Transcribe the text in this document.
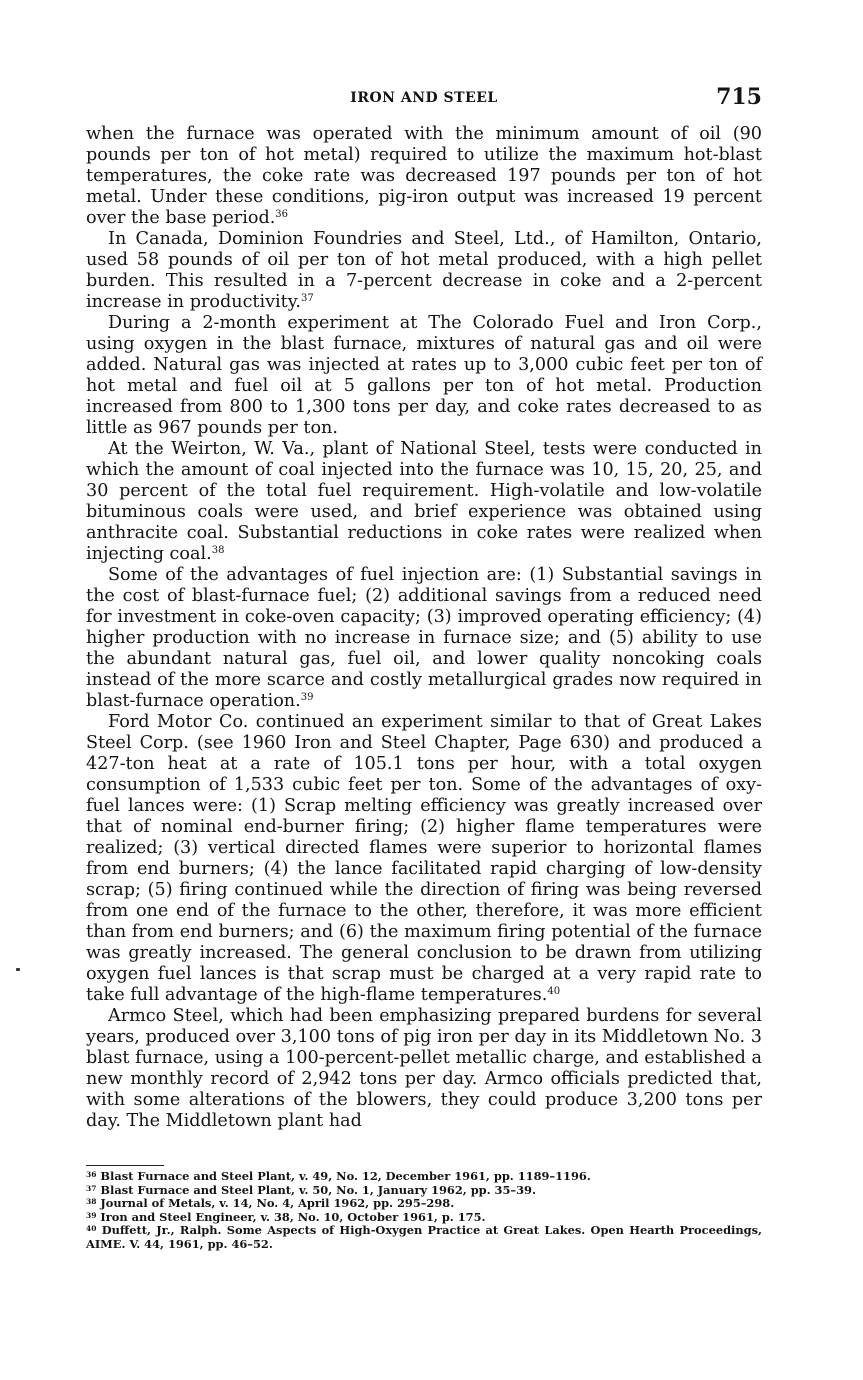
IRON AND STEEL	715

when the furnace was operated with the minimum amount of oil (90 pounds per ton of hot metal) required to utilize the maximum hot-blast temperatures, the coke rate was decreased 197 pounds per ton of hot metal. Under these conditions, pig-iron output was increased 19 percent over the base period.$^{36}$

In Canada, Dominion Foundries and Steel, Ltd., of Hamilton, Ontario, used 58 pounds of oil per ton of hot metal produced, with a high pellet burden. This resulted in a 7-percent decrease in coke and a 2-percent increase in productivity.$^{37}$

During a 2-month experiment at The Colorado Fuel and Iron Corp., using oxygen in the blast furnace, mixtures of natural gas and oil were added. Natural gas was injected at rates up to 3,000 cubic feet per ton of hot metal and fuel oil at 5 gallons per ton of hot metal. Production increased from 800 to 1,300 tons per day, and coke rates decreased to as little as 967 pounds per ton.

At the Weirton, W. Va., plant of National Steel, tests were conducted in which the amount of coal injected into the furnace was 10, 15, 20, 25, and 30 percent of the total fuel requirement. High-volatile and low-volatile bituminous coals were used, and brief experience was obtained using anthracite coal. Substantial reductions in coke rates were realized when injecting coal.$^{38}$

Some of the advantages of fuel injection are: (1) Substantial savings in the cost of blast-furnace fuel; (2) additional savings from a reduced need for investment in coke-oven capacity; (3) improved operating efficiency; (4) higher production with no increase in furnace size; and (5) ability to use the abundant natural gas, fuel oil, and lower quality noncoking coals instead of the more scarce and costly metallurgical grades now required in blast-furnace operation.$^{39}$

Ford Motor Co. continued an experiment similar to that of Great Lakes Steel Corp. (see 1960 Iron and Steel Chapter, Page 630) and produced a 427-ton heat at a rate of 105.1 tons per hour, with a total oxygen consumption of 1,533 cubic feet per ton. Some of the advantages of oxy-fuel lances were: (1) Scrap melting efficiency was greatly increased over that of nominal end-burner firing; (2) higher flame temperatures were realized; (3) vertical directed flames were superior to horizontal flames from end burners; (4) the lance facilitated rapid charging of low-density scrap; (5) firing continued while the direction of firing was being reversed from one end of the furnace to the other, therefore, it was more efficient than from end burners; and (6) the maximum firing potential of the furnace was greatly increased. The general conclusion to be drawn from utilizing oxygen fuel lances is that scrap must be charged at a very rapid rate to take full advantage of the high-flame temperatures.$^{40}$

Armco Steel, which had been emphasizing prepared burdens for several years, produced over 3,100 tons of pig iron per day in its Middletown No. 3 blast furnace, using a 100-percent-pellet metallic charge, and established a new monthly record of 2,942 tons per day. Armco officials predicted that, with some alterations of the blowers, they could produce 3,200 tons per day. The Middletown plant had

$^{36}$ Blast Furnace and Steel Plant, v. 49, No. 12, December 1961, pp. 1189–1196.

$^{37}$ Blast Furnace and Steel Plant, v. 50, No. 1, January 1962, pp. 35–39.

$^{38}$ Journal of Metals, v. 14, No. 4, April 1962, pp. 295–298.

$^{39}$ Iron and Steel Engineer, v. 38, No. 10, October 1961, p. 175.

$^{40}$ Duffett, Jr., Ralph. Some Aspects of High-Oxygen Practice at Great Lakes. Open Hearth Proceedings, AIME. V. 44, 1961, pp. 46–52.
